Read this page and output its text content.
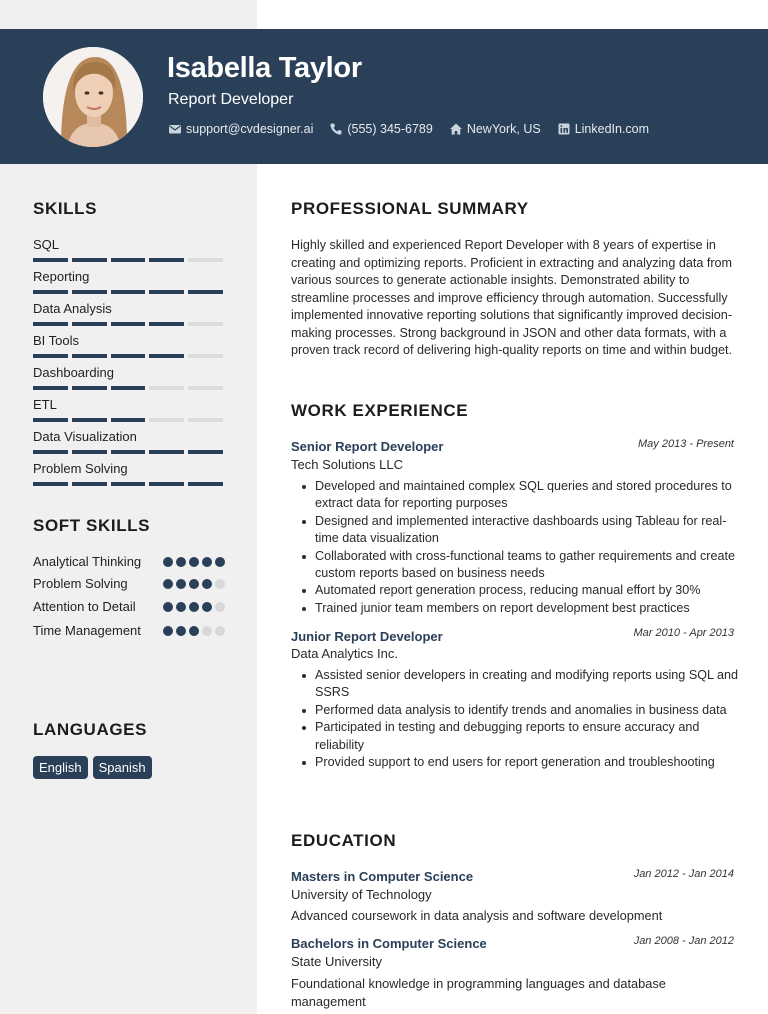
Isabella Taylor
Report Developer
support@cvdesigner.ai	(555) 345-6789	NewYork, US	LinkedIn.com
SKILLS
SQL
Reporting
Data Analysis
BI Tools
Dashboarding
ETL
Data Visualization
Problem Solving
SOFT SKILLS
Analytical Thinking
Problem Solving
Attention to Detail
Time Management
LANGUAGES
English	Spanish
PROFESSIONAL SUMMARY
Highly skilled and experienced Report Developer with 8 years of expertise in creating and optimizing reports. Proficient in extracting and analyzing data from various sources to generate actionable insights. Demonstrated ability to streamline processes and improve efficiency through automation. Successfully implemented innovative reporting solutions that significantly improved decision-making processes. Strong background in JSON and other data formats, with a proven track record of delivering high-quality reports on time and within budget.
WORK EXPERIENCE
Senior Report Developer	May 2013 - Present
Tech Solutions LLC
Developed and maintained complex SQL queries and stored procedures to extract data for reporting purposes
Designed and implemented interactive dashboards using Tableau for real-time data visualization
Collaborated with cross-functional teams to gather requirements and create custom reports based on business needs
Automated report generation process, reducing manual effort by 30%
Trained junior team members on report development best practices
Junior Report Developer	Mar 2010 - Apr 2013
Data Analytics Inc.
Assisted senior developers in creating and modifying reports using SQL and SSRS
Performed data analysis to identify trends and anomalies in business data
Participated in testing and debugging reports to ensure accuracy and reliability
Provided support to end users for report generation and troubleshooting
EDUCATION
Masters in Computer Science	Jan 2012 - Jan 2014
University of Technology
Advanced coursework in data analysis and software development
Bachelors in Computer Science	Jan 2008 - Jan 2012
State University
Foundational knowledge in programming languages and database management
